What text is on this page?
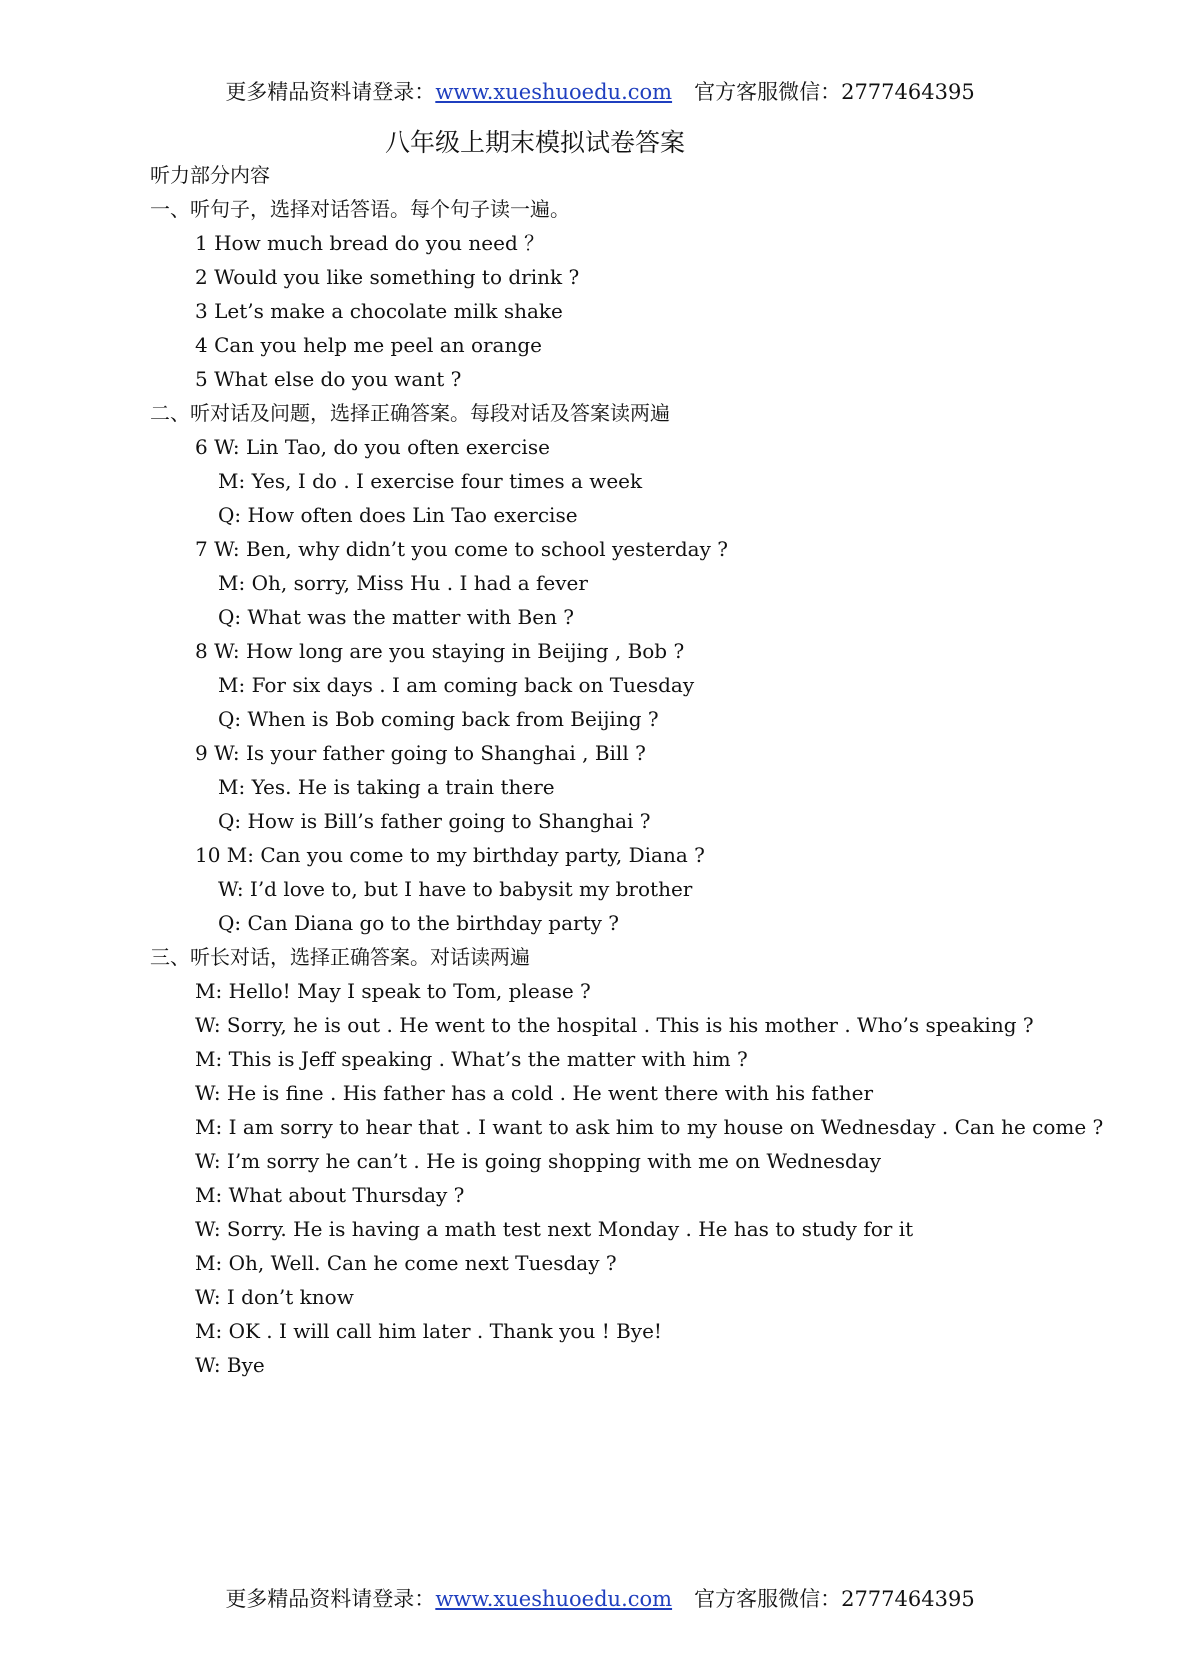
更多精品资料请登录：www.xueshuoedu.com 官方客服微信：2777464395
八年级上期末模拟试卷答案
听力部分内容
一、听句子，选择对话答语。每个句子读一遍。
1 How much bread do you need ？
2 Would you like something to drink ?
3 Let’s make a chocolate milk shake
4 Can you help me peel an orange
5 What else do you want ?
二、听对话及问题，选择正确答案。每段对话及答案读两遍
6 W: Lin Tao, do you often exercise
M: Yes, I do . I exercise four times a week
Q: How often does Lin Tao exercise
7 W: Ben, why didn’t you come to school yesterday ?
M: Oh, sorry, Miss Hu . I had a fever
Q: What was the matter with Ben ?
8 W: How long are you staying in Beijing , Bob ?
M: For six days . I am coming back on Tuesday
Q: When is Bob coming back from Beijing ?
9 W: Is your father going to Shanghai , Bill ?
M: Yes. He is taking a train there
Q: How is Bill’s father going to Shanghai ?
10 M: Can you come to my birthday party, Diana ?
W: I’d love to, but I have to babysit my brother
Q: Can Diana go to the birthday party ?
三、听长对话，选择正确答案。对话读两遍
M: Hello! May I speak to Tom, please ?
W: Sorry, he is out . He went to the hospital . This is his mother . Who’s speaking ?
M: This is Jeff speaking . What’s the matter with him ?
W: He is fine . His father has a cold . He went there with his father
M: I am sorry to hear that . I want to ask him to my house on Wednesday . Can he come ?
W: I’m sorry he can’t . He is going shopping with me on Wednesday
M: What about Thursday ?
W: Sorry. He is having a math test next Monday . He has to study for it
M: Oh, Well. Can he come next Tuesday ?
W: I don’t know
M: OK . I will call him later . Thank you ! Bye!
W: Bye
更多精品资料请登录：www.xueshuoedu.com 官方客服微信：2777464395
